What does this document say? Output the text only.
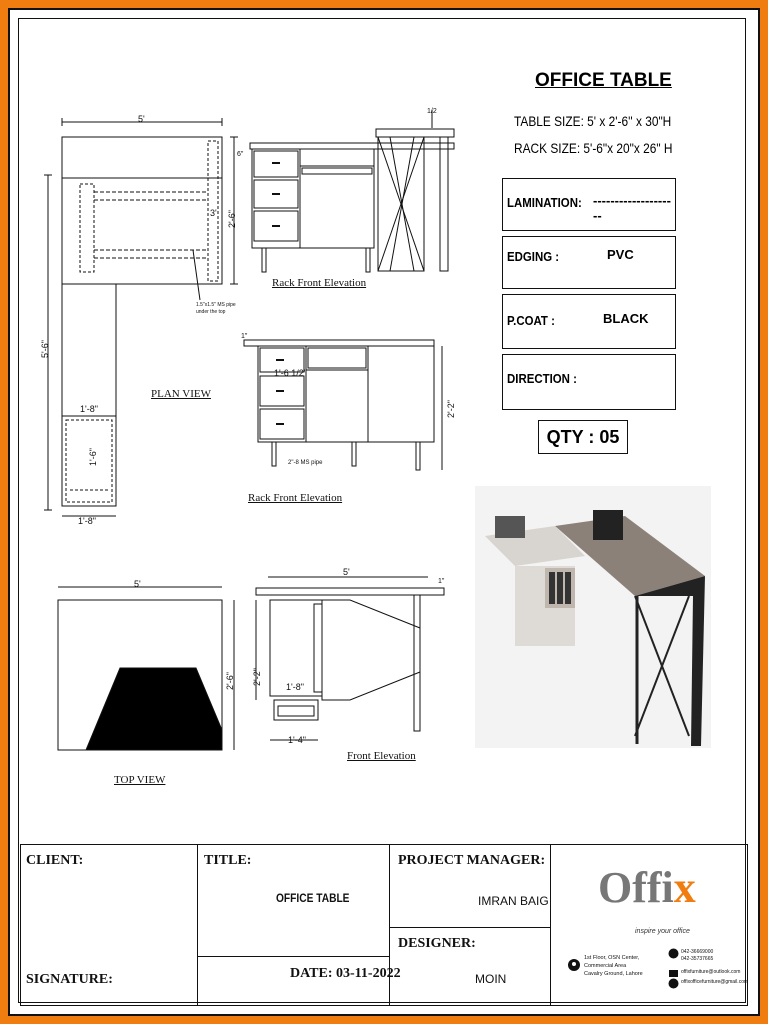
PLAN VIEW
Rack Front Elevation
Rack Front Elevation
TOP VIEW
Front Elevation
5'
2'-6"
3'
5'-6"
1'-8"
1'-6"
1'-8"
1.5"x1.5" MS pipe
under the top
1/2
6"
1"
1'-6 1/2"
2'-2"
2"-8 MS pipe
5'
2'-6"
5'
1"
2'-2"
1'-8"
1'-4"
OFFICE TABLE
TABLE SIZE: 5' x 2'-6'' x 30"H
RACK SIZE: 5'-6"x 20"x 26" H
LAMINATION: --------------------
EDGING :	PVC
P.COAT :	BLACK
DIRECTION :
QTY : 05
CLIENT:
SIGNATURE:
TITLE:
OFFICE TABLE
DATE: 03-11-2022
PROJECT MANAGER:
IMRAN BAIG
DESIGNER:
MOIN
Offix
inspire your office
1st Floor, OSN Center,
Commercial Area
Cavalry Ground, Lahore
042-36669000
042-35737665
offixfurniture@outlook.com
offixofficefurniture@gmail.com
